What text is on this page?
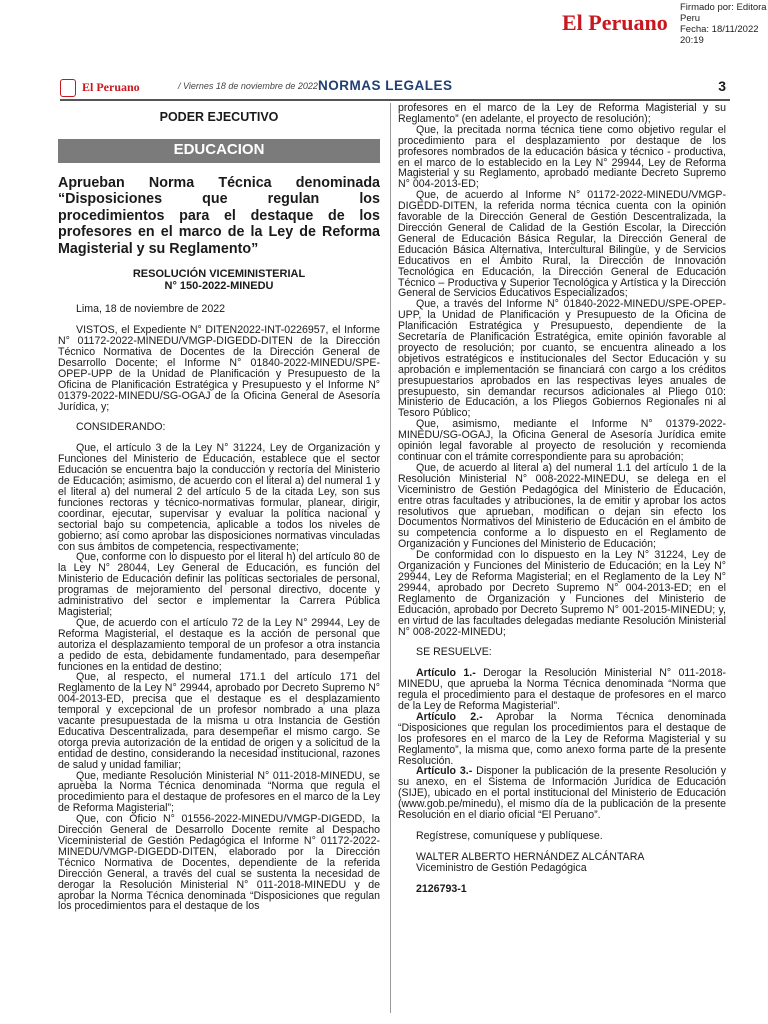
El Peruano
Firmado por: Editora
Peru
Fecha: 18/11/2022 20:19
El Peruano	/ Viernes 18 de noviembre de 2022 NORMAS LEGALES	3

PODER EJECUTIVO

EDUCACION

Aprueban Norma Técnica denominada “Disposiciones que regulan los procedimientos para el destaque de los profesores en el marco de la Ley de Reforma Magisterial y su Reglamento”

RESOLUCIÓN VICEMINISTERIAL
N° 150-2022-MINEDU

Lima, 18 de noviembre de 2022

VISTOS, el Expediente N° DITEN2022-INT-0226957, el Informe N° 01172-2022-MINEDU/VMGP-DIGEDD-DITEN de la Dirección Técnico Normativa de Docentes de la Dirección General de Desarrollo Docente; el Informe N° 01840-2022-MINEDU/SPE-OPEP-UPP de la Unidad de Planificación y Presupuesto de la Oficina de Planificación Estratégica y Presupuesto y el Informe N° 01379-2022-MINEDU/SG-OGAJ de la Oficina General de Asesoría Jurídica, y;

CONSIDERANDO:

Que, el artículo 3 de la Ley N° 31224, Ley de Organización y Funciones del Ministerio de Educación, establece que el sector Educación se encuentra bajo la conducción y rectoría del Ministerio de Educación; asimismo, de acuerdo con el literal a) del numeral 1 y el literal a) del numeral 2 del artículo 5 de la citada Ley, son sus funciones rectoras y técnico-normativas formular, planear, dirigir, coordinar, ejecutar, supervisar y evaluar la política nacional y sectorial bajo su competencia, aplicable a todos los niveles de gobierno; así como aprobar las disposiciones normativas vinculadas con sus ámbitos de competencia, respectivamente;

Que, conforme con lo dispuesto por el literal h) del artículo 80 de la Ley N° 28044, Ley General de Educación, es función del Ministerio de Educación definir las políticas sectoriales de personal, programas de mejoramiento del personal directivo, docente y administrativo del sector e implementar la Carrera Pública Magisterial;

Que, de acuerdo con el artículo 72 de la Ley N° 29944, Ley de Reforma Magisterial, el destaque es la acción de personal que autoriza el desplazamiento temporal de un profesor a otra instancia a pedido de esta, debidamente fundamentado, para desempeñar funciones en la entidad de destino;

Que, al respecto, el numeral 171.1 del artículo 171 del Reglamento de la Ley N° 29944, aprobado por Decreto Supremo N° 004-2013-ED, precisa que el destaque es el desplazamiento temporal y excepcional de un profesor nombrado a una plaza vacante presupuestada de la misma u otra Instancia de Gestión Educativa Descentralizada, para desempeñar el mismo cargo. Se otorga previa autorización de la entidad de origen y a solicitud de la entidad de destino, considerando la necesidad institucional, razones de salud y unidad familiar;

Que, mediante Resolución Ministerial N° 011-2018-MINEDU, se aprueba la Norma Técnica denominada “Norma que regula el procedimiento para el destaque de profesores en el marco de la Ley de Reforma Magisterial”;

Que, con Oficio N° 01556-2022-MINEDU/VMGP-DIGEDD, la Dirección General de Desarrollo Docente remite al Despacho Viceministerial de Gestión Pedagógica el Informe N° 01172-2022-MINEDU/VMGP-DIGEDD-DITEN, elaborado por la Dirección Técnico Normativa de Docentes, dependiente de la referida Dirección General, a través del cual se sustenta la necesidad de derogar la Resolución Ministerial N° 011-2018-MINEDU y de aprobar la Norma Técnica denominada “Disposiciones que regulan los procedimientos para el destaque de los

profesores en el marco de la Ley de Reforma Magisterial y su Reglamento” (en adelante, el proyecto de resolución);

Que, la precitada norma técnica tiene como objetivo regular el procedimiento para el desplazamiento por destaque de los profesores nombrados de la educación básica y técnico - productiva, en el marco de lo establecido en la Ley N° 29944, Ley de Reforma Magisterial y su Reglamento, aprobado mediante Decreto Supremo N° 004-2013-ED;

Que, de acuerdo al Informe N° 01172-2022-MINEDU/VMGP-DIGEDD-DITEN, la referida norma técnica cuenta con la opinión favorable de la Dirección General de Gestión Descentralizada, la Dirección General de Calidad de la Gestión Escolar, la Dirección General de Educación Básica Regular, la Dirección General de Educación Básica Alternativa, Intercultural Bilingüe, y de Servicios Educativos en el Ámbito Rural, la Dirección de Innovación Tecnológica en Educación, la Dirección General de Educación Técnico – Productiva y Superior Tecnológica y Artística y la Dirección General de Servicios Educativos Especializados;

Que, a través del Informe N° 01840-2022-MINEDU/SPE-OPEP-UPP, la Unidad de Planificación y Presupuesto de la Oficina de Planificación Estratégica y Presupuesto, dependiente de la Secretaría de Planificación Estratégica, emite opinión favorable al proyecto de resolución; por cuanto, se encuentra alineado a los objetivos estratégicos e institucionales del Sector Educación y su aprobación e implementación se financiará con cargo a los créditos presupuestarios aprobados en las respectivas leyes anuales de presupuesto, sin demandar recursos adicionales al Pliego 010: Ministerio de Educación, a los Pliegos Gobiernos Regionales ni al Tesoro Público;

Que, asimismo, mediante el Informe N° 01379-2022-MINEDU/SG-OGAJ, la Oficina General de Asesoría Jurídica emite opinión legal favorable al proyecto de resolución y recomienda continuar con el trámite correspondiente para su aprobación;

Que, de acuerdo al literal a) del numeral 1.1 del artículo 1 de la Resolución Ministerial N° 008-2022-MINEDU, se delega en el Viceministro de Gestión Pedagógica del Ministerio de Educación, entre otras facultades y atribuciones, la de emitir y aprobar los actos resolutivos que aprueban, modifican o dejan sin efecto los Documentos Normativos del Ministerio de Educación en el ámbito de su competencia conforme a lo dispuesto en el Reglamento de Organización y Funciones del Ministerio de Educación;

De conformidad con lo dispuesto en la Ley N° 31224, Ley de Organización y Funciones del Ministerio de Educación; en la Ley N° 29944, Ley de Reforma Magisterial; en el Reglamento de la Ley N° 29944, aprobado por Decreto Supremo N° 004-2013-ED; en el Reglamento de Organización y Funciones del Ministerio de Educación, aprobado por Decreto Supremo N° 001-2015-MINEDU; y, en virtud de las facultades delegadas mediante Resolución Ministerial N° 008-2022-MINEDU;

SE RESUELVE:

Artículo 1.- Derogar la Resolución Ministerial N° 011-2018-MINEDU, que aprueba la Norma Técnica denominada “Norma que regula el procedimiento para el destaque de profesores en el marco de la Ley de Reforma Magisterial”.

Artículo 2.- Aprobar la Norma Técnica denominada “Disposiciones que regulan los procedimientos para el destaque de los profesores en el marco de la Ley de Reforma Magisterial y su Reglamento”, la misma que, como anexo forma parte de la presente Resolución.

Artículo 3.- Disponer la publicación de la presente Resolución y su anexo, en el Sistema de Información Jurídica de Educación (SIJE), ubicado en el portal institucional del Ministerio de Educación (www.gob.pe/minedu), el mismo día de la publicación de la presente Resolución en el diario oficial “El Peruano”.

Regístrese, comuníquese y publíquese.

WALTER ALBERTO HERNÁNDEZ ALCÁNTARA

Viceministro de Gestión Pedagógica

2126793-1
